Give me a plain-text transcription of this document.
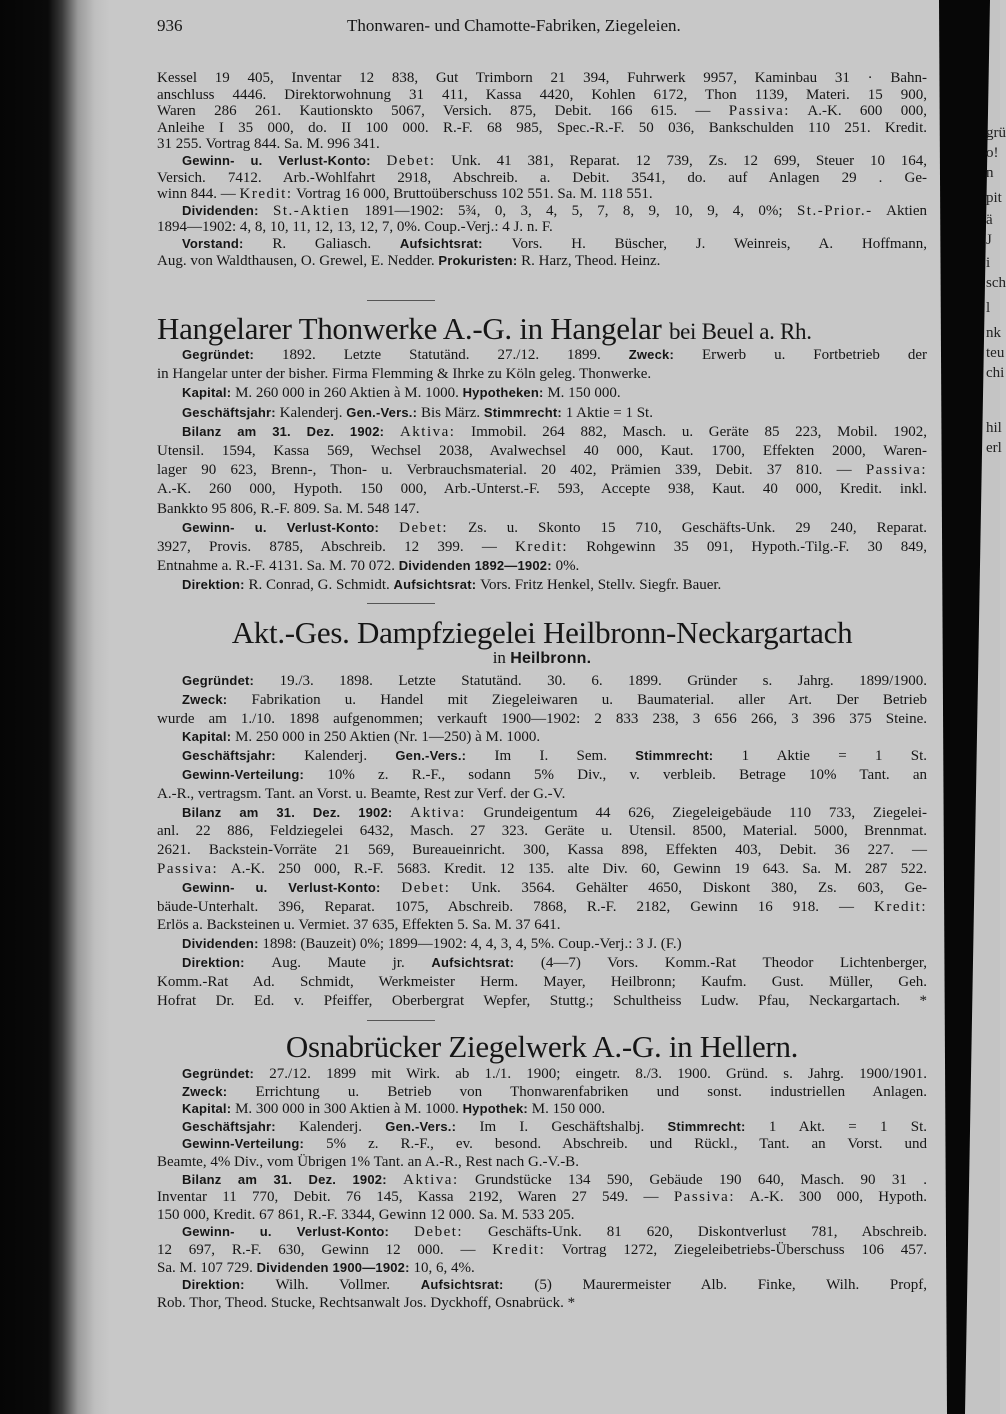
936	Thonwaren- und Chamotte-Fabriken, Ziegeleien.
Kessel 19 405, Inventar 12 838, Gut Trimborn 21 394, Fuhrwerk 9957, Kaminbau 31 · Bahn-
anschluss 4446. Direktorwohnung 31 411, Kassa 4420, Kohlen 6172, Thon 1139, Materi. 15 900,
Waren 286 261. Kautionskto 5067, Versich. 875, Debit. 166 615. — Passiva: A.-K. 600 000,
Anleihe I 35 000, do. II 100 000. R.-F. 68 985, Spec.-R.-F. 50 036, Bankschulden 110 251. Kredit.
31 255. Vortrag 844. Sa. M. 996 341.
Gewinn- u. Verlust-Konto: Debet: Unk. 41 381, Reparat. 12 739, Zs. 12 699, Steuer 10 164,
Versich. 7412. Arb.-Wohlfahrt 2918, Abschreib. a. Debit. 3541, do. auf Anlagen 29 . Ge-
winn 844. — Kredit: Vortrag 16 000, Bruttoüberschuss 102 551. Sa. M. 118 551.
Dividenden: St.-Aktien 1891—1902: 5¾, 0, 3, 4, 5, 7, 8, 9, 10, 9, 4, 0%; St.-Prior.- Aktien
1894—1902: 4, 8, 10, 11, 12, 13, 12, 7, 0%. Coup.-Verj.: 4 J. n. F.
Vorstand: R. Galiasch. Aufsichtsrat: Vors. H. Büscher, J. Weinreis, A. Hoffmann,
Aug. von Waldthausen, O. Grewel, E. Nedder. Prokuristen: R. Harz, Theod. Heinz.
Hangelarer Thonwerke A.-G. in Hangelar bei Beuel a. Rh.
Gegründet: 1892. Letzte Statutänd. 27./12. 1899. Zweck: Erwerb u. Fortbetrieb der
in Hangelar unter der bisher. Firma Flemming & Ihrke zu Köln geleg. Thonwerke.
Kapital: M. 260 000 in 260 Aktien à M. 1000. Hypotheken: M. 150 000.
Geschäftsjahr: Kalenderj. Gen.-Vers.: Bis März. Stimmrecht: 1 Aktie = 1 St.
Bilanz am 31. Dez. 1902: Aktiva: Immobil. 264 882, Masch. u. Geräte 85 223, Mobil. 1902,
Utensil. 1594, Kassa 569, Wechsel 2038, Avalwechsel 40 000, Kaut. 1700, Effekten 2000, Waren-
lager 90 623, Brenn-, Thon- u. Verbrauchsmaterial. 20 402, Prämien 339, Debit. 37 810. — Passiva:
A.-K. 260 000, Hypoth. 150 000, Arb.-Unterst.-F. 593, Accepte 938, Kaut. 40 000, Kredit. inkl.
Bankkto 95 806, R.-F. 809. Sa. M. 548 147.
Gewinn- u. Verlust-Konto: Debet: Zs. u. Skonto 15 710, Geschäfts-Unk. 29 240, Reparat.
3927, Provis. 8785, Abschreib. 12 399. — Kredit: Rohgewinn 35 091, Hypoth.-Tilg.-F. 30 849,
Entnahme a. R.-F. 4131. Sa. M. 70 072. Dividenden 1892—1902: 0%.
Direktion: R. Conrad, G. Schmidt. Aufsichtsrat: Vors. Fritz Henkel, Stellv. Siegfr. Bauer.
Akt.-Ges. Dampfziegelei Heilbronn-Neckargartach
in Heilbronn.
Gegründet: 19./3. 1898. Letzte Statutänd. 30. 6. 1899. Gründer s. Jahrg. 1899/1900.
Zweck: Fabrikation u. Handel mit Ziegeleiwaren u. Baumaterial. aller Art. Der Betrieb
wurde am 1./10. 1898 aufgenommen; verkauft 1900—1902: 2 833 238, 3 656 266, 3 396 375 Steine.
Kapital: M. 250 000 in 250 Aktien (Nr. 1—250) à M. 1000.
Geschäftsjahr: Kalenderj. Gen.-Vers.: Im I. Sem. Stimmrecht: 1 Aktie = 1 St.
Gewinn-Verteilung: 10% z. R.-F., sodann 5% Div., v. verbleib. Betrage 10% Tant. an
A.-R., vertragsm. Tant. an Vorst. u. Beamte, Rest zur Verf. der G.-V.
Bilanz am 31. Dez. 1902: Aktiva: Grundeigentum 44 626, Ziegeleigebäude 110 733, Ziegelei-
anl. 22 886, Feldziegelei 6432, Masch. 27 323. Geräte u. Utensil. 8500, Material. 5000, Brennmat.
2621. Backstein-Vorräte 21 569, Bureaueinricht. 300, Kassa 898, Effekten 403, Debit. 36 227. —
Passiva: A.-K. 250 000, R.-F. 5683. Kredit. 12 135. alte Div. 60, Gewinn 19 643. Sa. M. 287 522.
Gewinn- u. Verlust-Konto: Debet: Unk. 3564. Gehälter 4650, Diskont 380, Zs. 603, Ge-
bäude-Unterhalt. 396, Reparat. 1075, Abschreib. 7868, R.-F. 2182, Gewinn 16 918. — Kredit:
Erlös a. Backsteinen u. Vermiet. 37 635, Effekten 5. Sa. M. 37 641.
Dividenden: 1898: (Bauzeit) 0%; 1899—1902: 4, 4, 3, 4, 5%. Coup.-Verj.: 3 J. (F.)
Direktion: Aug. Maute jr. Aufsichtsrat: (4—7) Vors. Komm.-Rat Theodor Lichtenberger,
Komm.-Rat Ad. Schmidt, Werkmeister Herm. Mayer, Heilbronn; Kaufm. Gust. Müller, Geh.
Hofrat Dr. Ed. v. Pfeiffer, Oberbergrat Wepfer, Stuttg.; Schultheiss Ludw. Pfau, Neckargartach. *
Osnabrücker Ziegelwerk A.-G. in Hellern.
Gegründet: 27./12. 1899 mit Wirk. ab 1./1. 1900; eingetr. 8./3. 1900. Gründ. s. Jahrg. 1900/1901.
Zweck: Errichtung u. Betrieb von Thonwarenfabriken und sonst. industriellen Anlagen.
Kapital: M. 300 000 in 300 Aktien à M. 1000. Hypothek: M. 150 000.
Geschäftsjahr: Kalenderj. Gen.-Vers.: Im I. Geschäftshalbj. Stimmrecht: 1 Akt. = 1 St.
Gewinn-Verteilung: 5% z. R.-F., ev. besond. Abschreib. und Rückl., Tant. an Vorst. und
Beamte, 4% Div., vom Übrigen 1% Tant. an A.-R., Rest nach G.-V.-B.
Bilanz am 31. Dez. 1902: Aktiva: Grundstücke 134 590, Gebäude 190 640, Masch. 90 31 .
Inventar 11 770, Debit. 76 145, Kassa 2192, Waren 27 549. — Passiva: A.-K. 300 000, Hypoth.
150 000, Kredit. 67 861, R.-F. 3344, Gewinn 12 000. Sa. M. 533 205.
Gewinn- u. Verlust-Konto: Debet: Geschäfts-Unk. 81 620, Diskontverlust 781, Abschreib.
12 697, R.-F. 630, Gewinn 12 000. — Kredit: Vortrag 1272, Ziegeleibetriebs-Überschuss 106 457.
Sa. M. 107 729. Dividenden 1900—1902: 10, 6, 4%.
Direktion: Wilh. Vollmer. Aufsichtsrat: (5) Maurermeister Alb. Finke, Wilh. Propf,
Rob. Thor, Theod. Stucke, Rechtsanwalt Jos. Dyckhoff, Osnabrück. *
grü
o!
n
pit
ä
J
i
sch
l
nk
teu
chi
hil
erl
